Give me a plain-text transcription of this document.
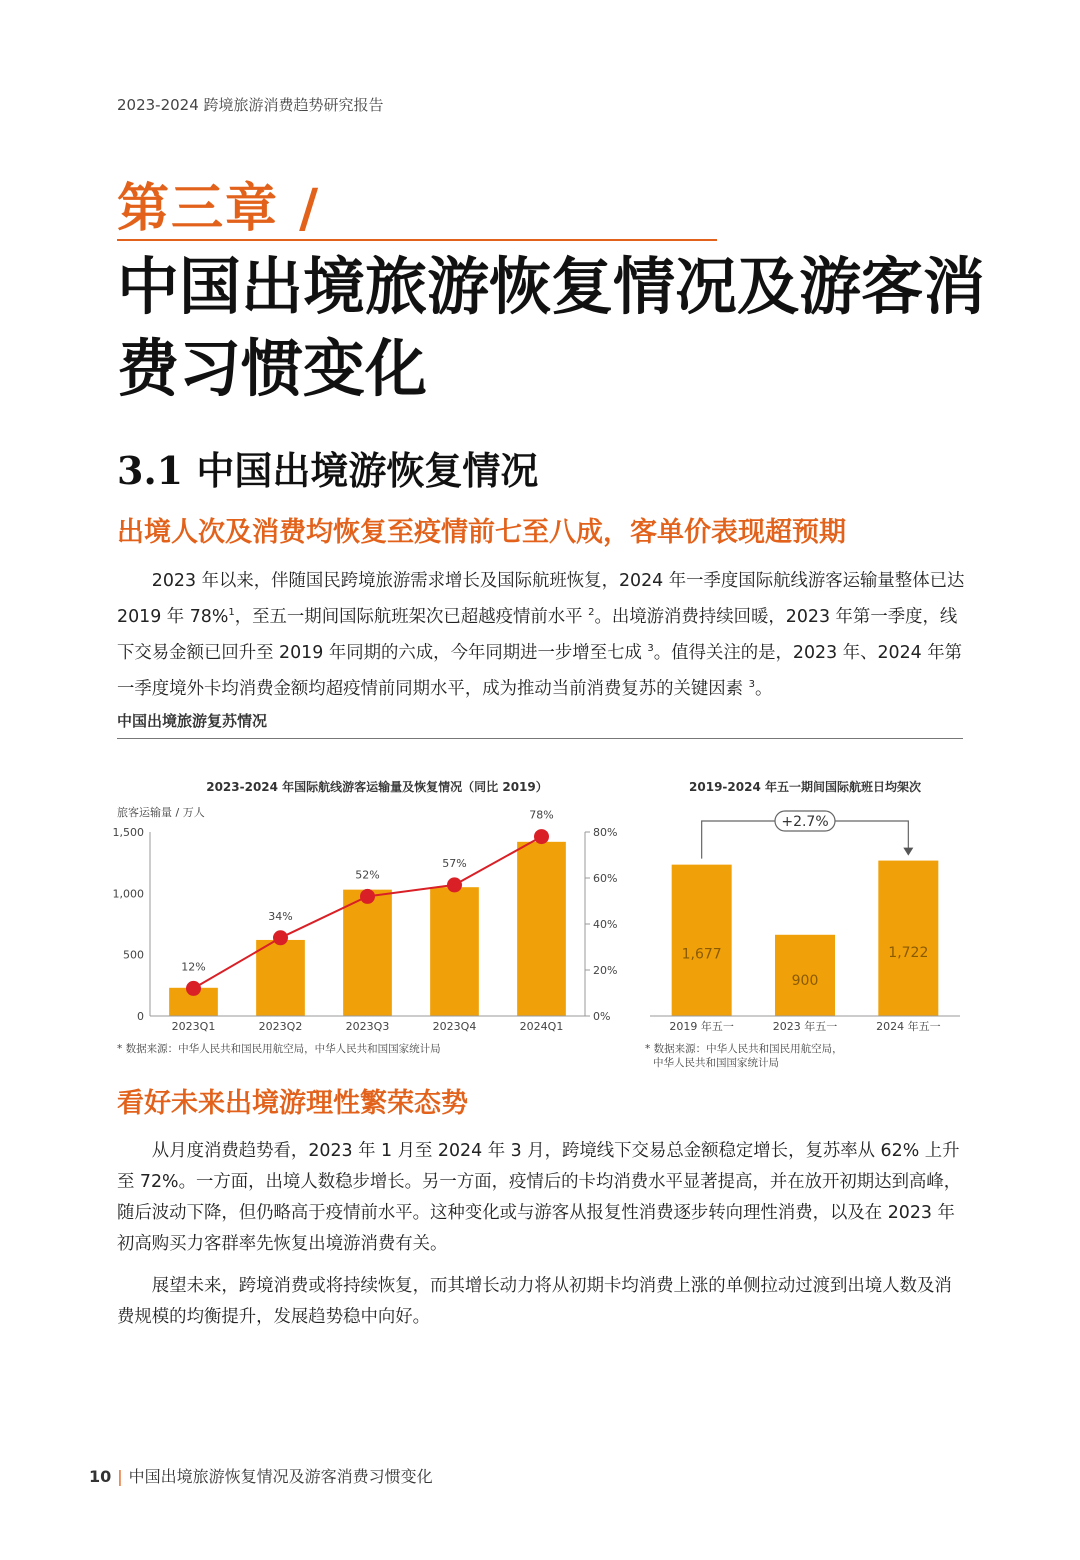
2023-2024 跨境旅游消费趋势研究报告
第三章 /
中国出境旅游恢复情况及游客消费习惯变化
3.1 中国出境游恢复情况
出境人次及消费均恢复至疫情前七至八成，客单价表现超预期

2023 年以来，伴随国民跨境旅游需求增长及国际航班恢复，2024 年一季度国际航线游客运输量整体已达 2019 年 78%$^1$，至五一期间国际航班架次已超越疫情前水平 $^2$。出境游消费持续回暖，2023 年第一季度，线下交易金额已回升至 2019 年同期的六成，今年同期进一步增至七成 $^3$。值得关注的是，2023 年、2024 年第一季度境外卡均消费金额均超疫情前同期水平，成为推动当前消费复苏的关键因素 $^3$。

中国出境旅游复苏情况
2023-2024 年国际航线游客运输量及恢复情况（同比 2019）
旅客运输量 / 万人
0
500
1,000
1,500
0%
20%
40%
60%
80%
2023Q1	2023Q2	2023Q3	2023Q4	2024Q1
12%
34%
52%
57%
78%
* 数据来源：中华人民共和国民用航空局，中华人民共和国国家统计局
2019-2024 年五一期间国际航班日均架次
1,677
2019 年五一
900
2023 年五一
1,722
2024 年五一
+2.7%
* 数据来源：中华人民共和国民用航空局，
中华人民共和国国家统计局
看好未来出境游理性繁荣态势

从月度消费趋势看，2023 年 1 月至 2024 年 3 月，跨境线下交易总金额稳定增长，复苏率从 62% 上升至 72%。一方面，出境人数稳步增长。另一方面，疫情后的卡均消费水平显著提高，并在放开初期达到高峰，随后波动下降，但仍略高于疫情前水平。这种变化或与游客从报复性消费逐步转向理性消费，以及在 2023 年初高购买力客群率先恢复出境游消费有关。

展望未来，跨境消费或将持续恢复，而其增长动力将从初期卡均消费上涨的单侧拉动过渡到出境人数及消费规模的均衡提升，发展趋势稳中向好。

10 | 中国出境旅游恢复情况及游客消费习惯变化
